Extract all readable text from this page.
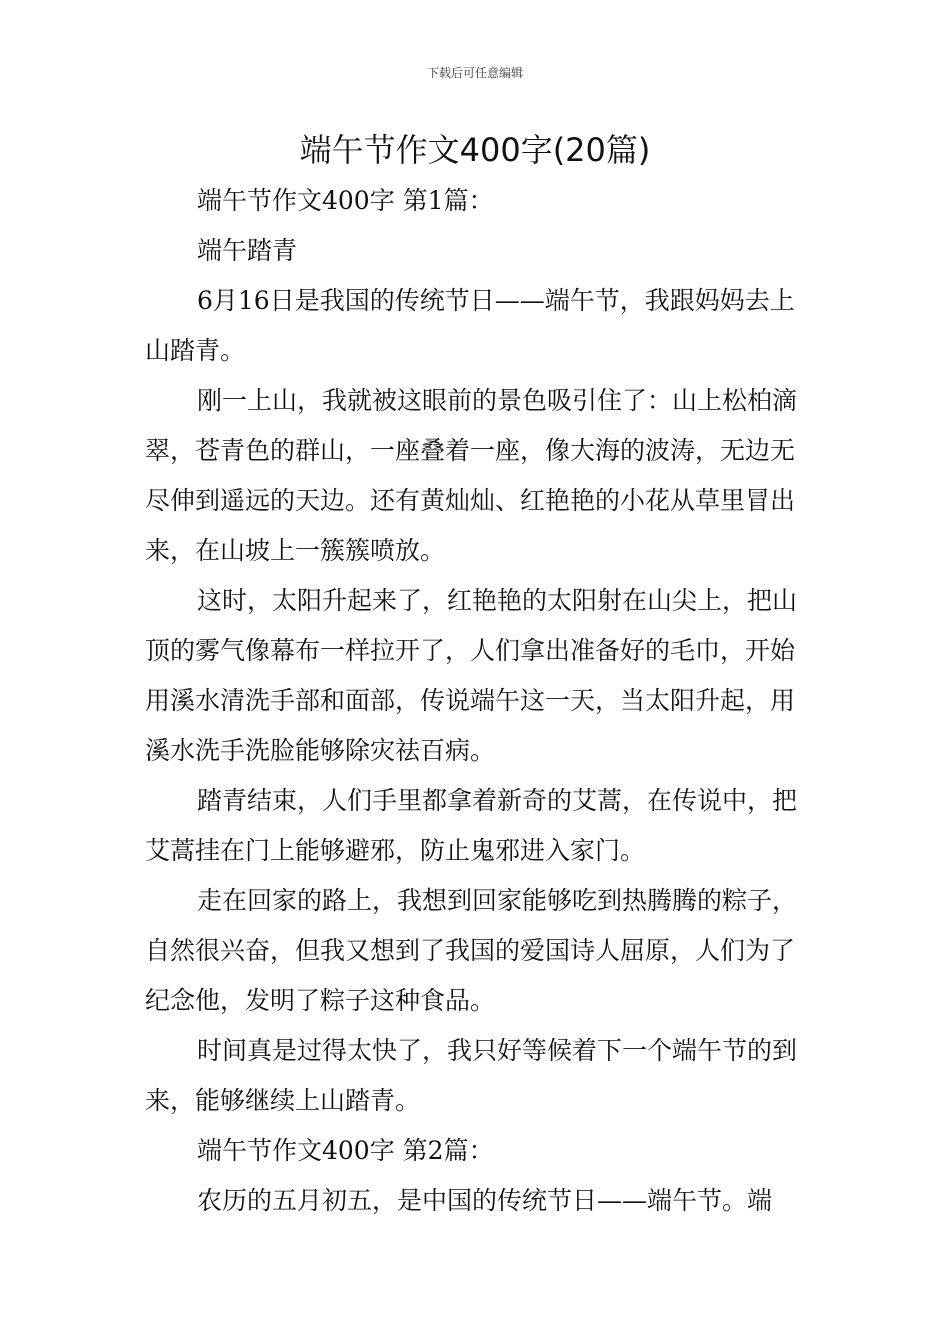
下载后可任意编辑
端午节作文400字(20篇)

端午节作文400字 第1篇：

端午踏青

6月16日是我国的传统节日——端午节，我跟妈妈去上山踏青。

刚一上山，我就被这眼前的景色吸引住了：山上松柏滴翠，苍青色的群山，一座叠着一座，像大海的波涛，无边无尽伸到遥远的天边。还有黄灿灿、红艳艳的小花从草里冒出来，在山坡上一簇簇喷放。

这时，太阳升起来了，红艳艳的太阳射在山尖上，把山顶的雾气像幕布一样拉开了，人们拿出准备好的毛巾，开始用溪水清洗手部和面部，传说端午这一天，当太阳升起，用溪水洗手洗脸能够除灾祛百病。

踏青结束，人们手里都拿着新奇的艾蒿，在传说中，把艾蒿挂在门上能够避邪，防止鬼邪进入家门。

走在回家的路上，我想到回家能够吃到热腾腾的粽子，自然很兴奋，但我又想到了我国的爱国诗人屈原，人们为了纪念他，发明了粽子这种食品。

时间真是过得太快了，我只好等候着下一个端午节的到来，能够继续上山踏青。

端午节作文400字 第2篇：

农历的五月初五，是中国的传统节日——端午节。端
